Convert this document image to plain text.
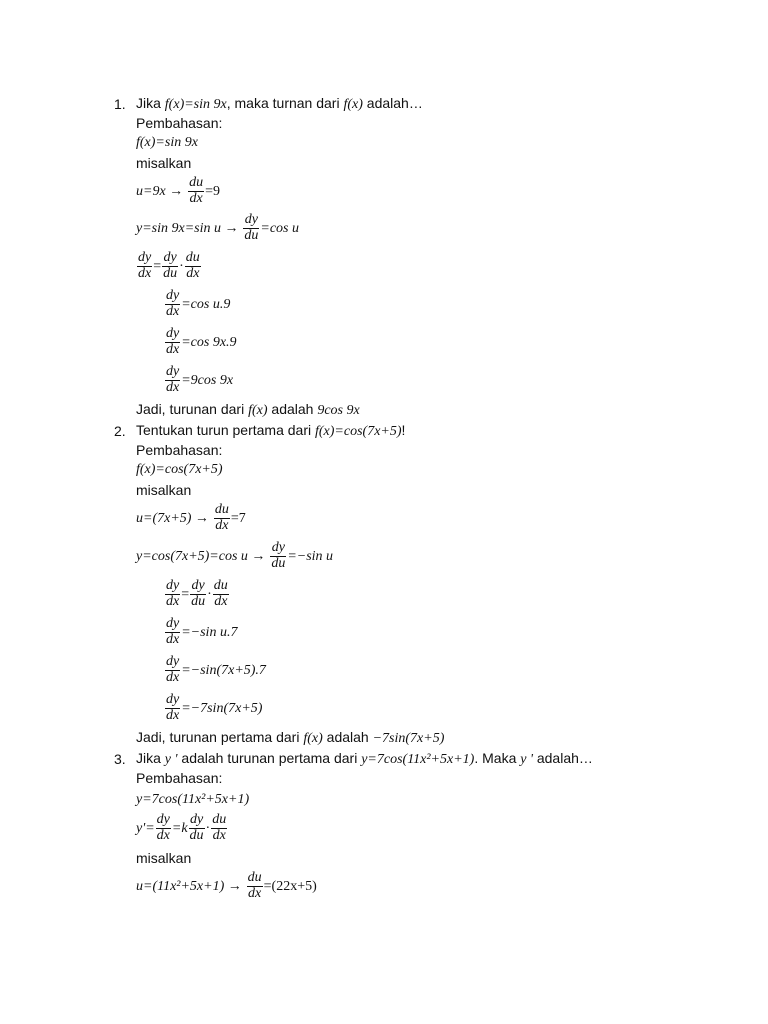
1. Jika f(x)=sin 9x, maka turnan dari f(x) adalah…
Pembahasan:
f(x)=sin 9x
misalkan
$u=9x \to \frac{du}{dx} =9$
y=sin 9x=sin $u \to \frac{dy}{du} =\cos$ u
$\frac{dy}{dx} = \frac{dy}{du} \cdot \frac{du}{dx}$
$\frac{dy}{dx} =\cos$ u.9
$\frac{dy}{dx} =\cos$ 9x.9
$\frac{dy}{dx} =9\cos$ 9x
Jadi, turunan dari f(x) adalah 9cos 9x
2. Tentukan turun pertama dari f(x)=cos(7x+5)!
Pembahasan:
f(x)=cos(7x+5)
misalkan
$u=(7x+5) \to \frac{du}{dx} =7$
y=cos(7x+5)=cos $u \to \frac{dy}{du} =-\sin$ u
$\frac{dy}{dx} = \frac{dy}{du} \cdot \frac{du}{dx}$
$\frac{dy}{dx} =-\sin$ u.7
$\frac{dy}{dx} =-\sin(7x+5).7$
$\frac{dy}{dx} =-7\sin(7x+5)$
Jadi, turunan pertama dari f(x) adalah −7sin(7x+5)
3. Jika y ' adalah turunan pertama dari y=7cos(11x²+5x+1). Maka y ' adalah…
Pembahasan:
y=7cos(11x²+5x+1)
$y'= \frac{dy}{dx} =k \frac{dy}{du} \cdot \frac{du}{dx}$
misalkan
$u=(11x^2+5x+1) \to \frac{du}{dx} =(22x+5)$
